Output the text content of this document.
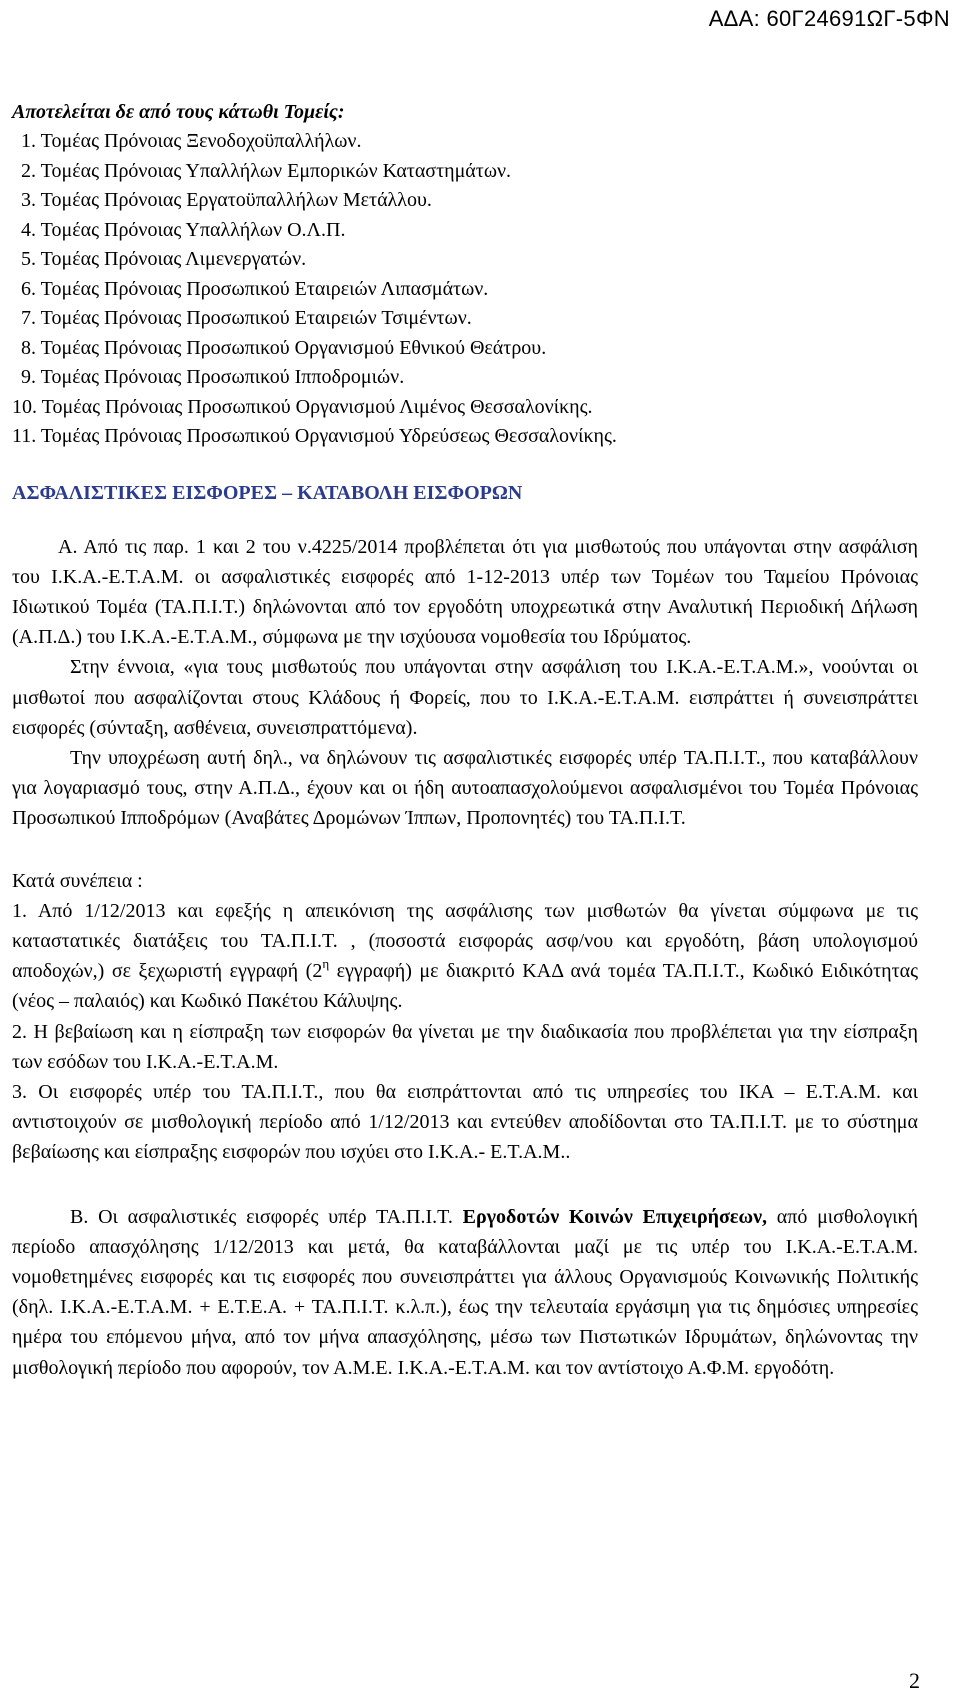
ΑΔΑ: 60Γ24691ΩΓ-5ΦΝ

Αποτελείται δε από τους κάτωθι Τομείς:

1. Τομέας Πρόνοιας Ξενοδοχοϋπαλλήλων.
2. Τομέας Πρόνοιας Υπαλλήλων Εμπορικών Καταστημάτων.
3. Τομέας Πρόνοιας Εργατοϋπαλλήλων Μετάλλου.
4. Τομέας Πρόνοιας Υπαλλήλων Ο.Λ.Π.
5. Τομέας Πρόνοιας Λιμενεργατών.
6. Τομέας Πρόνοιας Προσωπικού Εταιρειών Λιπασμάτων.
7. Τομέας Πρόνοιας Προσωπικού Εταιρειών Τσιμέντων.
8. Τομέας Πρόνοιας Προσωπικού Οργανισμού Εθνικού Θεάτρου.
9. Τομέας Πρόνοιας Προσωπικού Ιπποδρομιών.
10. Τομέας Πρόνοιας Προσωπικού Οργανισμού Λιμένος Θεσσαλονίκης.
11. Τομέας Πρόνοιας Προσωπικού Οργανισμού Υδρεύσεως Θεσσαλονίκης.
ΑΣΦΑΛΙΣΤΙΚΕΣ ΕΙΣΦΟΡΕΣ – ΚΑΤΑΒΟΛΗ ΕΙΣΦΟΡΩΝ

Α. Από τις παρ. 1 και 2 του ν.4225/2014 προβλέπεται ότι για μισθωτούς που υπάγονται στην ασφάλιση του Ι.Κ.Α.-Ε.Τ.Α.Μ. οι ασφαλιστικές εισφορές από 1-12-2013 υπέρ των Τομέων του Ταμείου Πρόνοιας Ιδιωτικού Τομέα (ΤΑ.Π.Ι.Τ.) δηλώνονται από τον εργοδότη υποχρεωτικά στην Αναλυτική Περιοδική Δήλωση (Α.Π.Δ.) του Ι.Κ.Α.-Ε.Τ.Α.Μ., σύμφωνα με την ισχύουσα νομοθεσία του Ιδρύματος.

Στην έννοια, «για τους μισθωτούς που υπάγονται στην ασφάλιση του Ι.Κ.Α.-Ε.Τ.Α.Μ.», νοούνται οι μισθωτοί που ασφαλίζονται στους Κλάδους ή Φορείς, που το Ι.Κ.Α.-Ε.Τ.Α.Μ. εισπράττει ή συνεισπράττει εισφορές (σύνταξη, ασθένεια, συνεισπραττόμενα).

Την υποχρέωση αυτή δηλ., να δηλώνουν τις ασφαλιστικές εισφορές υπέρ ΤΑ.Π.Ι.Τ., που καταβάλλουν για λογαριασμό τους, στην Α.Π.Δ., έχουν και οι ήδη αυτοαπασχολούμενοι ασφαλισμένοι του Τομέα Πρόνοιας Προσωπικού Ιπποδρόμων (Αναβάτες Δρομώνων Ίππων, Προπονητές) του ΤΑ.Π.Ι.Τ.

Κατά συνέπεια :

1. Από 1/12/2013 και εφεξής η απεικόνιση της ασφάλισης των μισθωτών θα γίνεται σύμφωνα με τις καταστατικές διατάξεις του ΤΑ.Π.Ι.Τ. , (ποσοστά εισφοράς ασφ/νου και εργοδότη, βάση υπολογισμού αποδοχών,) σε ξεχωριστή εγγραφή ($2^\eta$ εγγραφή) με διακριτό ΚΑΔ ανά τομέα ΤΑ.Π.Ι.Τ., Κωδικό Ειδικότητας (νέος – παλαιός) και Κωδικό Πακέτου Κάλυψης.

2. Η βεβαίωση και η είσπραξη των εισφορών θα γίνεται με την διαδικασία που προβλέπεται για την είσπραξη των εσόδων του Ι.Κ.Α.-Ε.Τ.Α.Μ.

3. Οι εισφορές υπέρ του ΤΑ.Π.Ι.Τ., που θα εισπράττονται από τις υπηρεσίες του ΙΚΑ – Ε.Τ.Α.Μ. και αντιστοιχούν σε μισθολογική περίοδο από 1/12/2013 και εντεύθεν αποδίδονται στο ΤΑ.Π.Ι.Τ. με το σύστημα βεβαίωσης και είσπραξης εισφορών που ισχύει στο Ι.Κ.Α.- Ε.Τ.Α.Μ..

Β. Οι ασφαλιστικές εισφορές υπέρ ΤΑ.Π.Ι.Τ. Εργοδοτών Κοινών Επιχειρήσεων, από μισθολογική περίοδο απασχόλησης 1/12/2013 και μετά, θα καταβάλλονται μαζί με τις υπέρ του Ι.Κ.Α.-Ε.Τ.Α.Μ. νομοθετημένες εισφορές και τις εισφορές που συνεισπράττει για άλλους Οργανισμούς Κοινωνικής Πολιτικής (δηλ. Ι.Κ.Α.-Ε.Τ.Α.Μ. + Ε.Τ.Ε.Α. + ΤΑ.Π.Ι.Τ. κ.λ.π.), έως την τελευταία εργάσιμη για τις δημόσιες υπηρεσίες ημέρα του επόμενου μήνα, από τον μήνα απασχόλησης, μέσω των Πιστωτικών Ιδρυμάτων, δηλώνοντας την μισθολογική περίοδο που αφορούν, τον Α.Μ.Ε. Ι.Κ.Α.-Ε.Τ.Α.Μ. και τον αντίστοιχο Α.Φ.Μ. εργοδότη.

2
